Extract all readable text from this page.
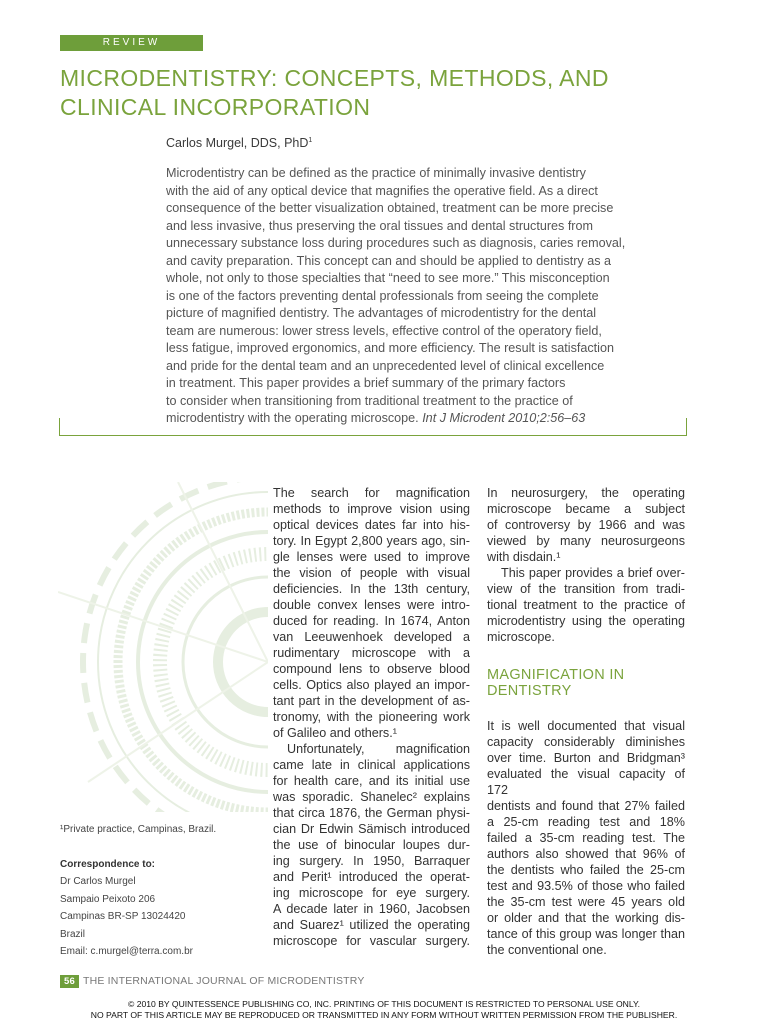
REVIEW
MICRODENTISTRY: CONCEPTS, METHODS, AND
CLINICAL INCORPORATION
Carlos Murgel, DDS, PhD$^1$
Microdentistry can be defined as the practice of minimally invasive dentistry
with the aid of any optical device that magnifies the operative field. As a direct
consequence of the better visualization obtained, treatment can be more precise
and less invasive, thus preserving the oral tissues and dental structures from
unnecessary substance loss during procedures such as diagnosis, caries removal,
and cavity preparation. This concept can and should be applied to dentistry as a
whole, not only to those specialties that “need to see more.” This misconception
is one of the factors preventing dental professionals from seeing the complete
picture of magnified dentistry. The advantages of microdentistry for the dental
team are numerous: lower stress levels, effective control of the operatory field,
less fatigue, improved ergonomics, and more efficiency. The result is satisfaction
and pride for the dental team and an unprecedented level of clinical excellence
in treatment. This paper provides a brief summary of the primary factors
to consider when transitioning from traditional treatment to the practice of
microdentistry with the operating microscope. Int J Microdent 2010;2:56–63
The search for magnification
methods to improve vision using
optical devices dates far into his-
tory. In Egypt 2,800 years ago, sin-
gle lenses were used to improve
the vision of people with visual
deficiencies. In the 13th century,
double convex lenses were intro-
duced for reading. In 1674, Anton
van Leeuwenhoek developed a
rudimentary microscope with a
compound lens to observe blood
cells. Optics also played an impor-
tant part in the development of as-
tronomy, with the pioneering work
of Galileo and others.¹
Unfortunately, magnification
came late in clinical applications
for health care, and its initial use
was sporadic. Shanelec² explains
that circa 1876, the German physi-
cian Dr Edwin Sämisch introduced
the use of binocular loupes dur-
ing surgery. In 1950, Barraquer
and Perit¹ introduced the operat-
ing microscope for eye surgery.
A decade later in 1960, Jacobsen
and Suarez¹ utilized the operating
microscope for vascular surgery.
In neurosurgery, the operating
microscope became a subject
of controversy by 1966 and was
viewed by many neurosurgeons
with disdain.¹
This paper provides a brief over-
view of the transition from tradi-
tional treatment to the practice of
microdentistry using the operating
microscope.
MAGNIFICATION IN
DENTISTRY
It is well documented that visual
capacity considerably diminishes
over time. Burton and Bridgman³
evaluated the visual capacity of 172
dentists and found that 27% failed
a 25-cm reading test and 18%
failed a 35-cm reading test. The
authors also showed that 96% of
the dentists who failed the 25-cm
test and 93.5% of those who failed
the 35-cm test were 45 years old
or older and that the working dis-
tance of this group was longer than
the conventional one.
¹Private practice, Campinas, Brazil.
Correspondence to:
Dr Carlos Murgel
Sampaio Peixoto 206
Campinas BR-SP 13024420
Brazil
Email: c.murgel@terra.com.br
56 THE INTERNATIONAL JOURNAL OF MICRODENTISTRY
© 2010 BY QUINTESSENCE PUBLISHING CO, INC. PRINTING OF THIS DOCUMENT IS RESTRICTED TO PERSONAL USE ONLY.
NO PART OF THIS ARTICLE MAY BE REPRODUCED OR TRANSMITTED IN ANY FORM WITHOUT WRITTEN PERMISSION FROM THE PUBLISHER.
